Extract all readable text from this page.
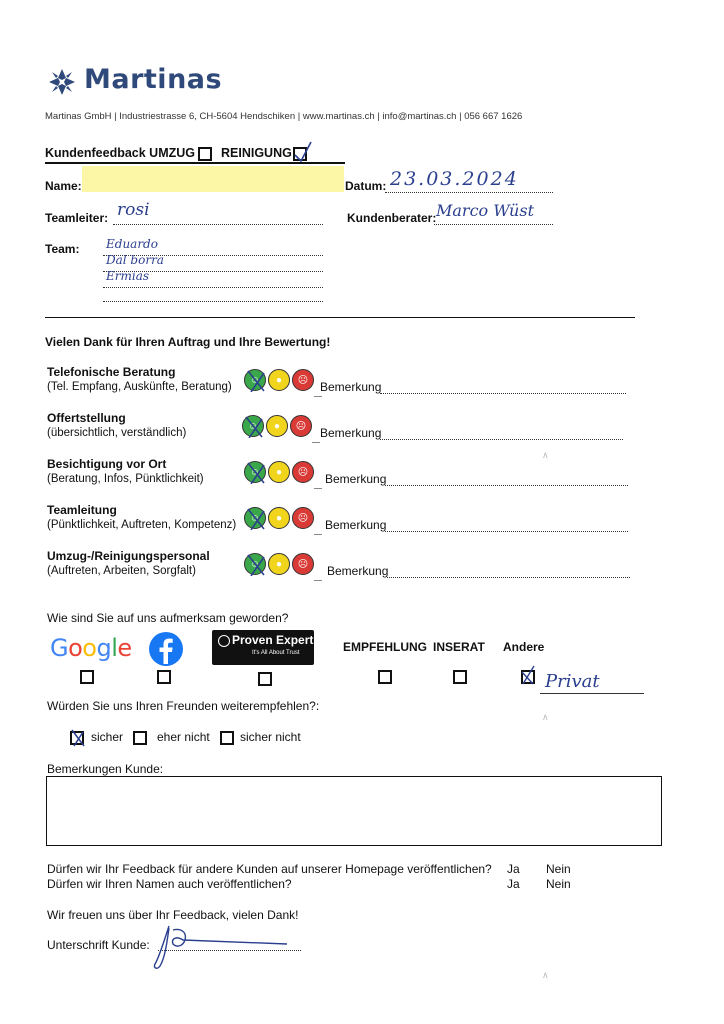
Martinas
Martinas GmbH | Industriestrasse 6, CH-5604 Hendschiken | www.martinas.ch | info@martinas.ch | 056 667 1626
Kundenfeedback UMZUG REINIGUNG
Name:	Datum: 23.03.2024
Teamleiter: rosi	Kundenberater: Marco Wüst
Team: Eduardo
Dal borra
Ermias
Vielen Dank für Ihren Auftrag und Ihre Bewertung!
Telefonische Beratung
(Tel. Empfang, Auskünfte, Beratung)
☺	●	☹ Bemerkung
Offertstellung
(übersichtlich, verständlich)
☺	●	☹	Bemerkung
Besichtigung vor Ort
(Beratung, Infos, Pünktlichkeit)
☺	●	☹	Bemerkung
Teamleitung
(Pünktlichkeit, Auftreten, Kompetenz)
☺	●	☹	Bemerkung
Umzug-/Reinigungspersonal
(Auftreten, Arbeiten, Sorgfalt)
☺	●	☹	Bemerkung
Wie sind Sie auf uns aufmerksam geworden?
Google	Proven Expert
It's All About Trust	EMPFEHLUNG INSERAT Andere
Privat
Würden Sie uns Ihren Freunden weiterempfehlen?:
sicher	eher nicht	sicher nicht
Bemerkungen Kunde:
Dürfen wir Ihr Feedback für andere Kunden auf unserer Homepage veröffentlichen? Ja Nein
Dürfen wir Ihren Namen auch veröffentlichen?	Ja Nein
Wir freuen uns über Ihr Feedback, vielen Dank!
Unterschrift Kunde:
∧
∧
∧
